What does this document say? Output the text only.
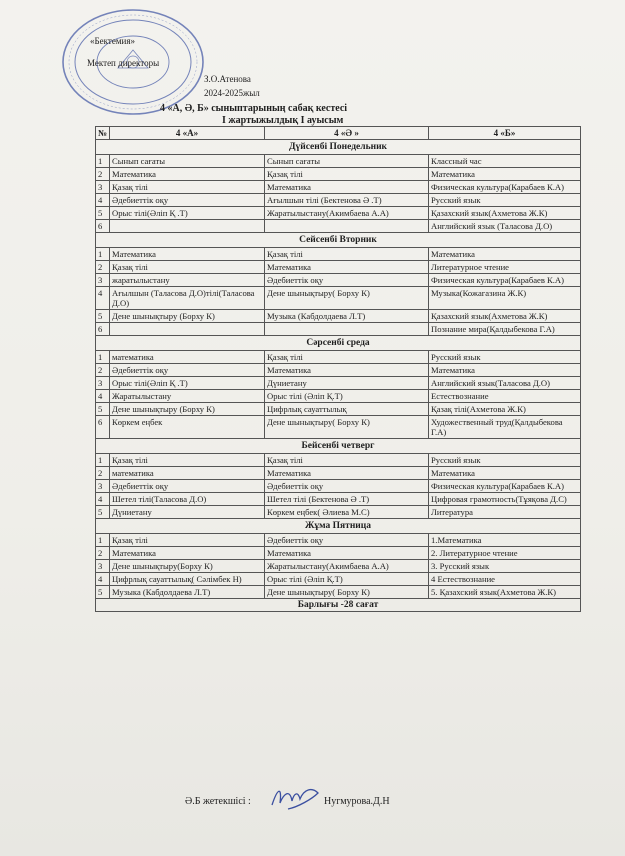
«Бектемия»
Мектеп директоры
З.О.Атенова
2024-2025жыл
4 «А, Ә, Б» сыныптарының сабақ кестесі
I жартыжылдық I ауысым
№	4 «А»	4 «Ә »	4 «Б»
Дүйсенбі Понедельник			
1	Сынып сағаты	Сынып сағаты	Классный час
2	Математика	Қазақ тілі	Математика
3	Қазақ тілі	Математика	Физическая культура(Карабаев К.А)
4	Әдебиеттік оқу	Ағылшын тілі (Бектенова Ә .Т)	Русский язык
5	Орыс тілі(Әліп Қ .Т)	Жаратылыстану(Акимбаева А.А)	Қазахский язык(Ахметова Ж.К)
6			Английский язык (Таласова Д.О)
Сейсенбі Вторник			
1	Математика	Қазақ тілі	Математика
2	Қазақ тілі	Математика	Литературное чтение
3	жаратылыстану	Әдебиеттік оқу	Физическая культура(Карабаев К.А)
4	Ағылшын (Таласова Д.О)тілі(Таласова Д.О)	Дене шынықтыру( Борху К)	Музыка(Кожагазина Ж.К)
5	Дене шынықтыру (Борху К)	Музыка (Кабдолдаева Л.Т)	Қазахский язык(Ахметова Ж.К)
6			Познание мира(Қалдыбекова Г.А)
Сәрсенбі среда			
1	математика	Қазақ тілі	Русский язык
2	Әдебиеттік оқу	Математика	Математика
3	Орыс тілі(Әліп Қ .Т)	Дүниетану	Английский язык(Таласова Д.О)
4	Жаратылыстану	Орыс тілі (Әліп Қ.Т)	Естествознание
5	Дене шынықтыру (Борху К)	Цифрлық сауаттылық	Қазақ тілі(Ахметова Ж.К)
6	Көркем еңбек	Дене шынықтыру( Борху К)	Художественный труд(Қалдыбекова Г.А)
Бейсенбі четверг			
1	Қазақ тілі	Қазақ тілі	Русский язык
2	математика	Математика	Математика
3	Әдебиеттік оқу	Әдебиеттік оқу	Физическая культура(Карабаев К.А)
4	Шетел тілі(Таласова Д.О)	Шетел тілі (Бектенова Ә .Т)	Цифровая грамотность(Тұяқова Д.С)
5	Дүниетану	Көркем еңбек( Әлиева М.С)	Литература
Жұма Пятница			
1	Қазақ тілі	Әдебиеттік оқу	1.Математика
2	Математика	Математика	2. Литературное чтение
3	Дене шынықтыру(Борху К)	Жаратылыстану(Акимбаева А.А)	3. Русский язык
4	Цифрлық сауаттылық( Сәлімбек Н)	Орыс тілі (Әліп Қ.Т)	4 Естествознание
5	Музыка (Кабдолдаева Л.Т)	Дене шынықтыру( Борху К)	5. Қазахский язык(Ахметова Ж.К)
Барлығы -28 сағат			
Ә.Б жетекшісі :	Нугмурова.Д.Н
